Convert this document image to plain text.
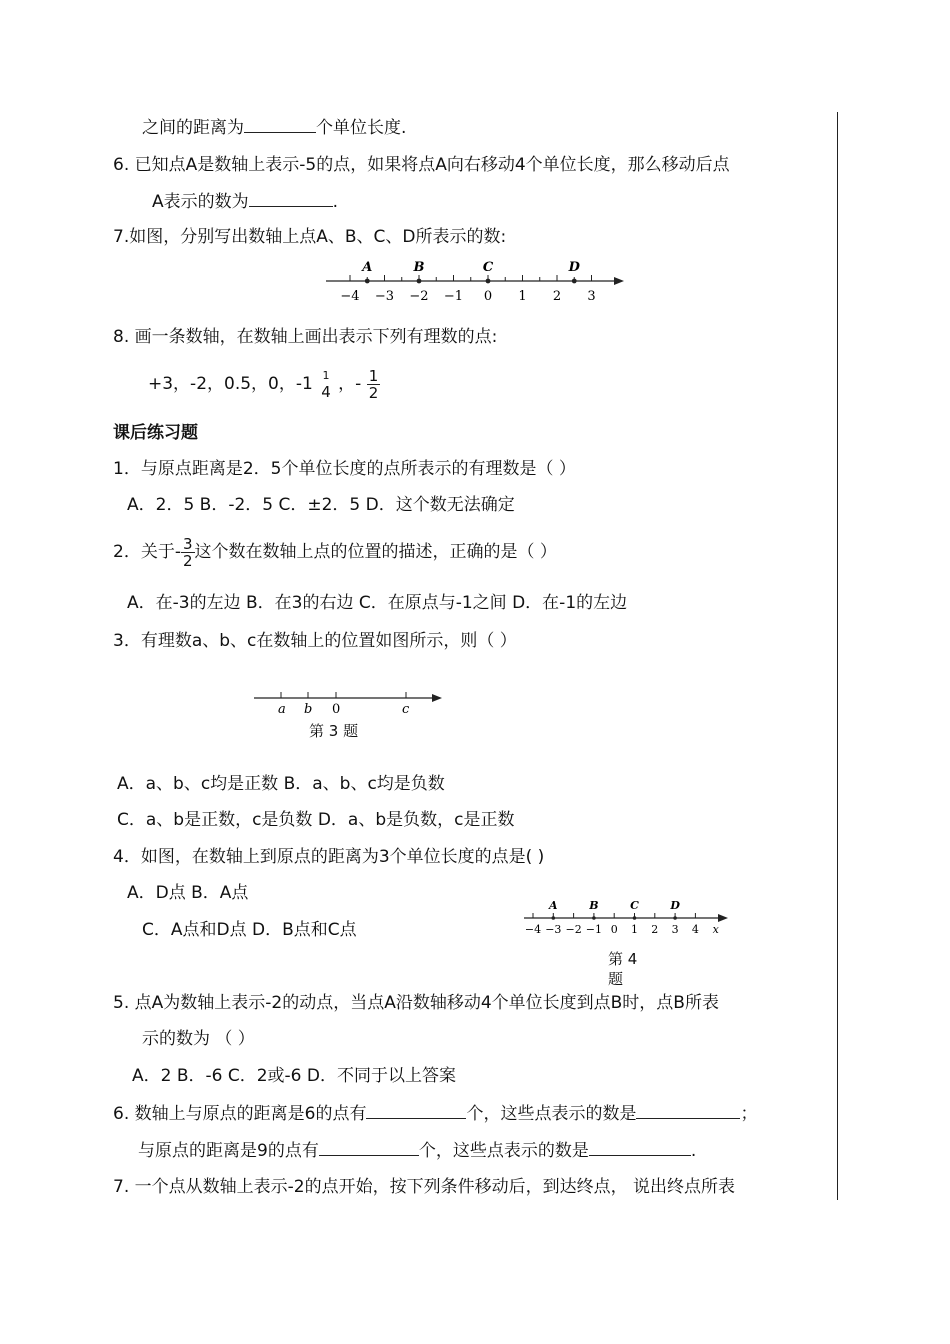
之间的距离为	个单位长度.
6. 已知点A是数轴上表示-5的点，如果将点A向右移动4个单位长度，那么移动后点
A表示的数为	.
7.如图，分别写出数轴上点A、B、C、D所表示的数:
−4 −3 −2 −1 0 1 2 3
A	B	C	D
8. 画一条数轴，在数轴上画出表示下列有理数的点:
+3，-2，0.5，0，-1 1
4 ，- $\frac{1}{2}$
课后练习题
1．与原点距离是2．5个单位长度的点所表示的有理数是（ ）
A．2．5 B．-2．5 C．±2．5 D．这个数无法确定
2．关于- $\frac{3}{2}$ 这个数在数轴上点的位置的描述，正确的是（ ）
A．在-3的左边 B．在3的右边 C．在原点与-1之间 D．在-1的左边
3．有理数a、b、c在数轴上的位置如图所示，则（ ）
a b 0	c
第 3 题
A．a、b、c均是正数 B．a、b、c均是负数
C．a、b是正数，c是负数 D．a、b是负数，c是正数
4．如图，在数轴上到原点的距离为3个单位长度的点是( )
A．D点 B．A点
C．A点和D点 D．B点和C点	−4 −3 −2 −1 0 1 2 3 4 x
A	B	C	D
第 4
题
5. 点A为数轴上表示-2的动点，当点A沿数轴移动4个单位长度到点B时，点B所表
示的数为 （ ）
A．2 B．-6 C．2或-6 D．不同于以上答案
6. 数轴上与原点的距离是6的点有	个，这些点表示的数是	；
与原点的距离是9的点有	个，这些点表示的数是	.
7. 一个点从数轴上表示-2的点开始，按下列条件移动后，到达终点， 说出终点所表
